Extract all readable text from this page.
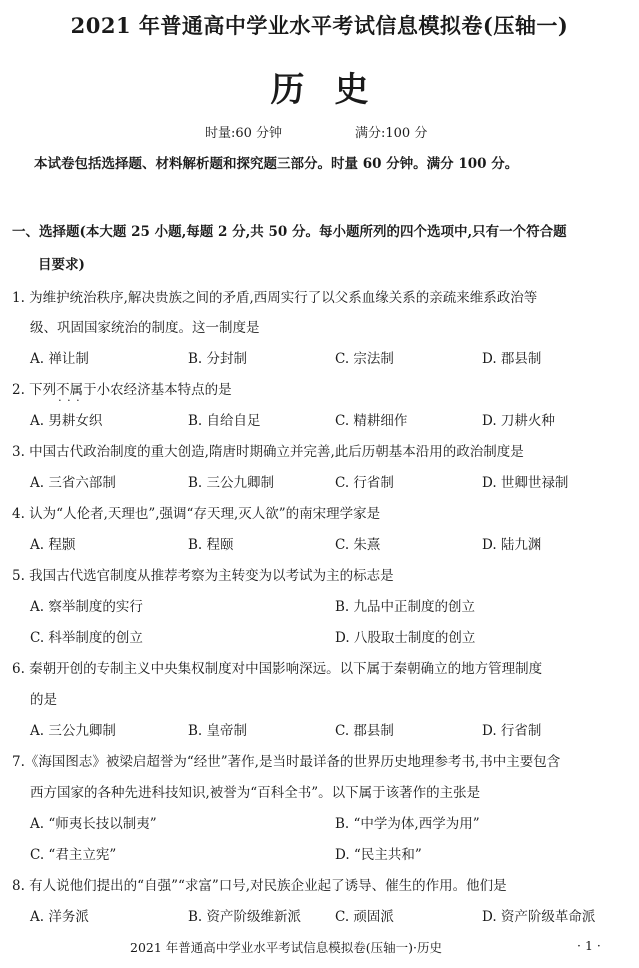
2021 年普通高中学业水平考试信息模拟卷(压轴一)
历史
时量:60 分钟	满分:100 分
本试卷包括选择题、材料解析题和探究题三部分。时量 60 分钟。满分 100 分。
一、选择题(本大题 25 小题,每题 2 分,共 50 分。每小题所列的四个选项中,只有一个符合题
目要求)
1. 为维护统治秩序,解决贵族之间的矛盾,西周实行了以父系血缘关系的亲疏来维系政治等
级、巩固国家统治的制度。这一制度是
A. 禅让制	B. 分封制	C. 宗法制	D. 郡县制
2. 下列不属于 · · ·小农经济基本特点的是
A. 男耕女织	B. 自给自足	C. 精耕细作	D. 刀耕火种
3. 中国古代政治制度的重大创造,隋唐时期确立并完善,此后历朝基本沿用的政治制度是
A. 三省六部制	B. 三公九卿制	C. 行省制	D. 世卿世禄制
4. 认为“人伦者,天理也”,强调“存天理,灭人欲”的南宋理学家是
A. 程颢	B. 程颐	C. 朱熹	D. 陆九渊
5. 我国古代选官制度从推荐考察为主转变为以考试为主的标志是
A. 察举制度的实行	B. 九品中正制度的创立
C. 科举制度的创立	D. 八股取士制度的创立
6. 秦朝开创的专制主义中央集权制度对中国影响深远。以下属于秦朝确立的地方管理制度
的是
A. 三公九卿制	B. 皇帝制	C. 郡县制	D. 行省制
7.《海国图志》被梁启超誉为“经世”著作,是当时最详备的世界历史地理参考书,书中主要包含
西方国家的各种先进科技知识,被誉为“百科全书”。以下属于该著作的主张是
A. “师夷长技以制夷”	B. “中学为体,西学为用”
C. “君主立宪”	D. “民主共和”
8. 有人说他们提出的“自强”“求富”口号,对民族企业起了诱导、催生的作用。他们是
A. 洋务派	B. 资产阶级维新派	C. 顽固派	D. 资产阶级革命派
2021 年普通高中学业水平考试信息模拟卷(压轴一)·历史	· 1 ·
